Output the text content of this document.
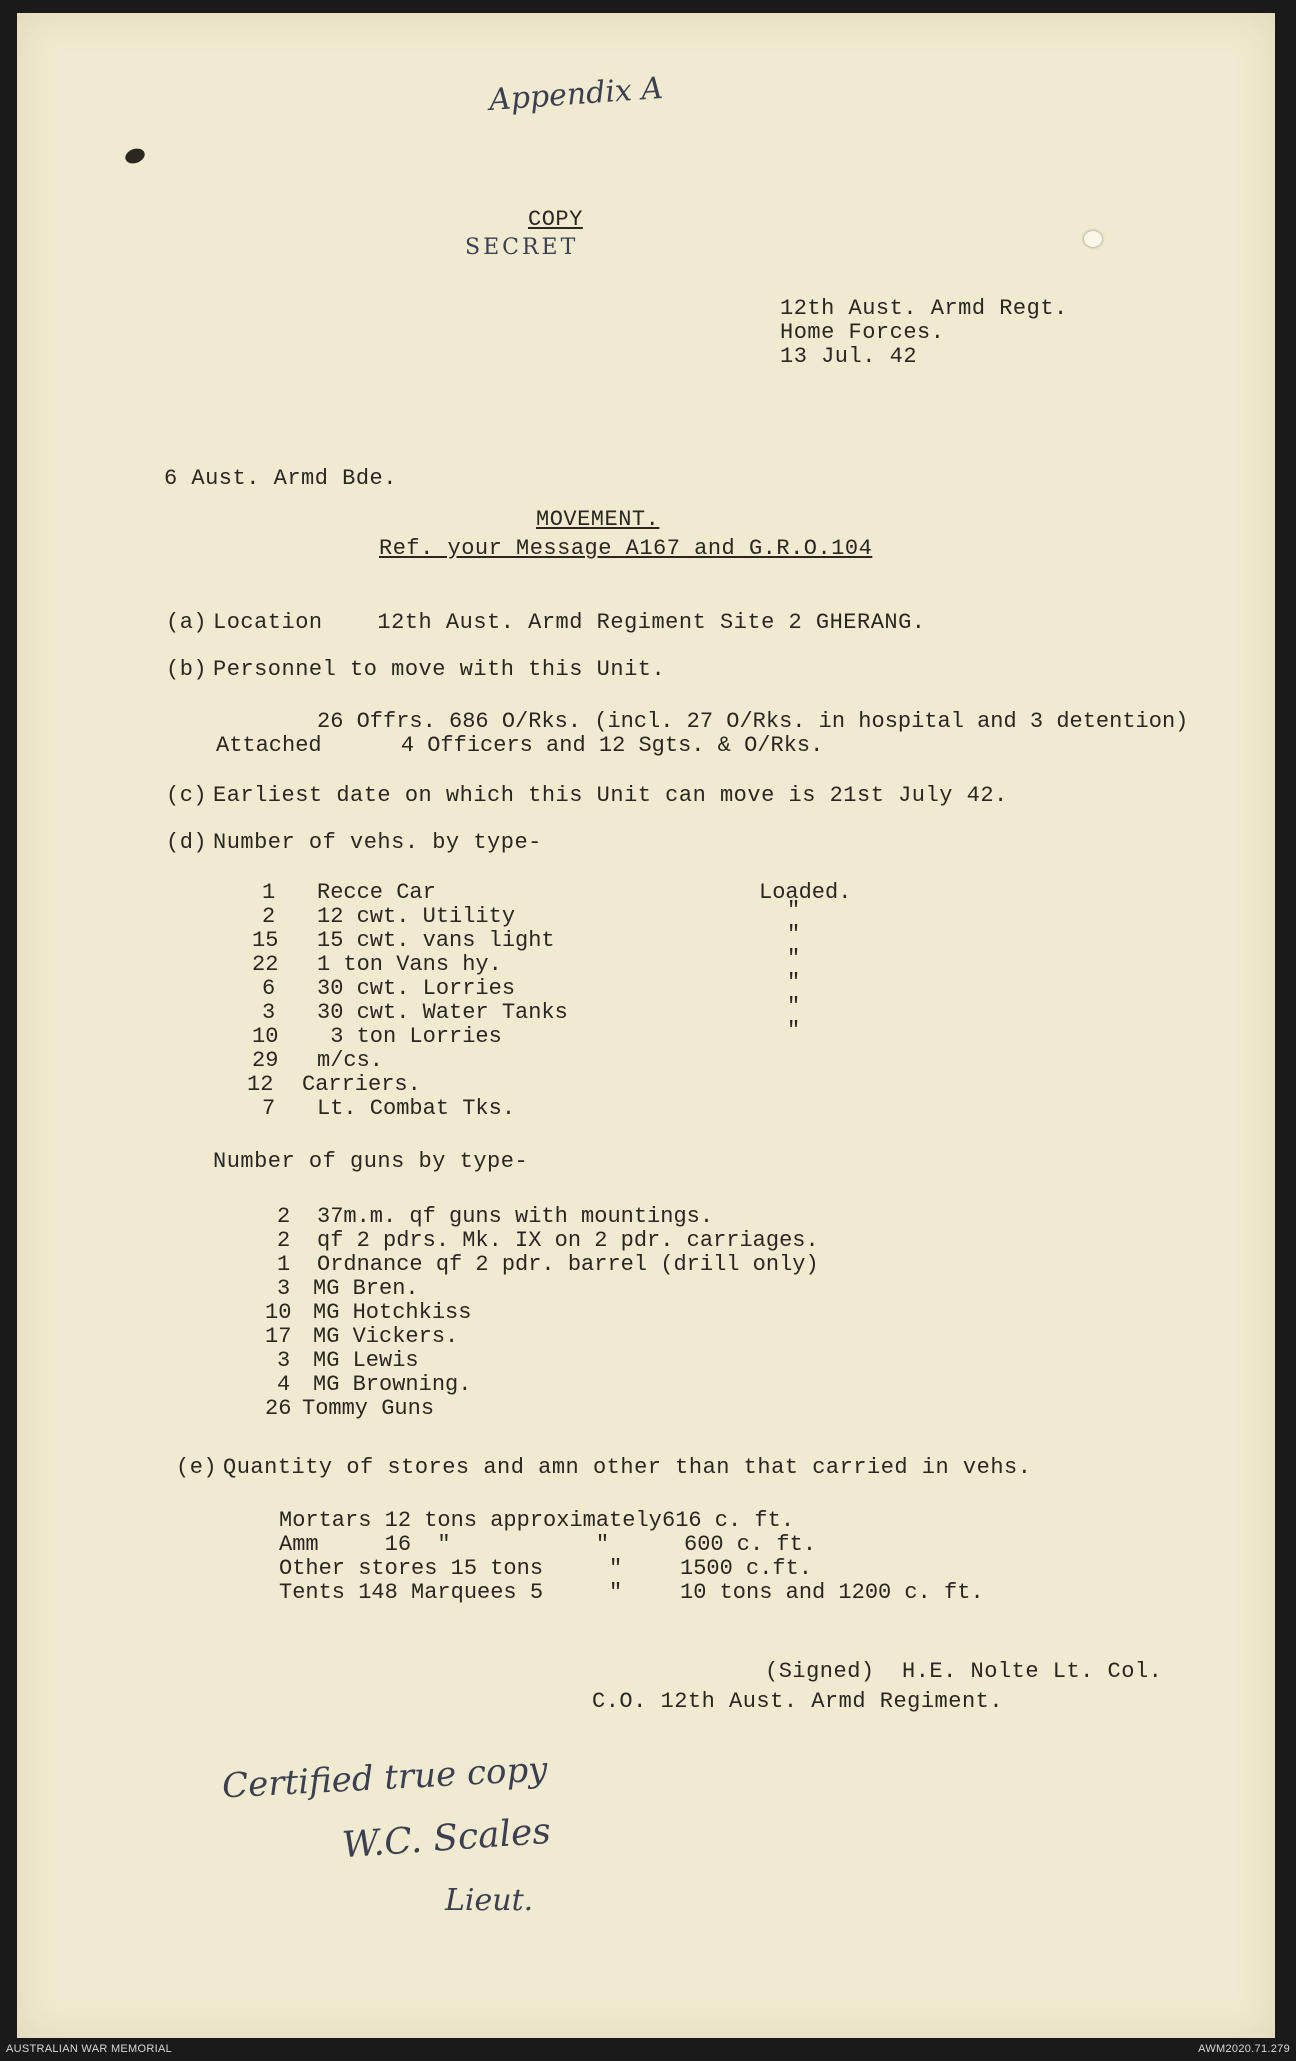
Appendix A
SECRET
COPY
12th Aust. Armd Regt.
Home Forces.
13 Jul. 42
6 Aust. Armd Bde.
MOVEMENT.
Ref. your Message A167 and G.R.O.104
(a) Location    12th Aust. Armd Regiment Site 2 GHERANG.
(b) Personnel to move with this Unit.
26 Offrs. 686 O/Rks. (incl. 27 O/Rks. in hospital and 3 detention)
Attached      4 Officers and 12 Sgts. & O/Rks.
(c) Earliest date on which this Unit can move is 21st July 42.
(d) Number of vehs. by type-
1 Recce Car	Loaded.
2 12 cwt. Utility	"
15 15 cwt. vans light	"
22 1 ton Vans hy.	"
6 30 cwt. Lorries	"
3 30 cwt. Water Tanks	"
10 3 ton Lorries	"
29 m/cs.
12 Carriers.
7 Lt. Combat Tks.
Number of guns by type-
2 37m.m. qf guns with mountings.
2 qf 2 pdrs. Mk. IX on 2 pdr. carriages.
1 Ordnance qf 2 pdr. barrel (drill only)
3 MG Bren.
10 MG Hotchkiss
17 MG Vickers.
3 MG Lewis
4 MG Browning.
26 Tommy Guns
(e) Quantity of stores and amn other than that carried in vehs.
Mortars 12 tons approximately 616 c. ft.
Amm     16  "           "	600 c. ft.
Other stores 15 tons     "	1500 c.ft.
Tents 148 Marquees 5     "	10 tons and 1200 c. ft.
(Signed)  H.E. Nolte Lt. Col.
C.O. 12th Aust. Armd Regiment.
Certified true copy
W.C. Scales
Lieut.
AUSTRALIAN WAR MEMORIAL	AWM2020.71.279
